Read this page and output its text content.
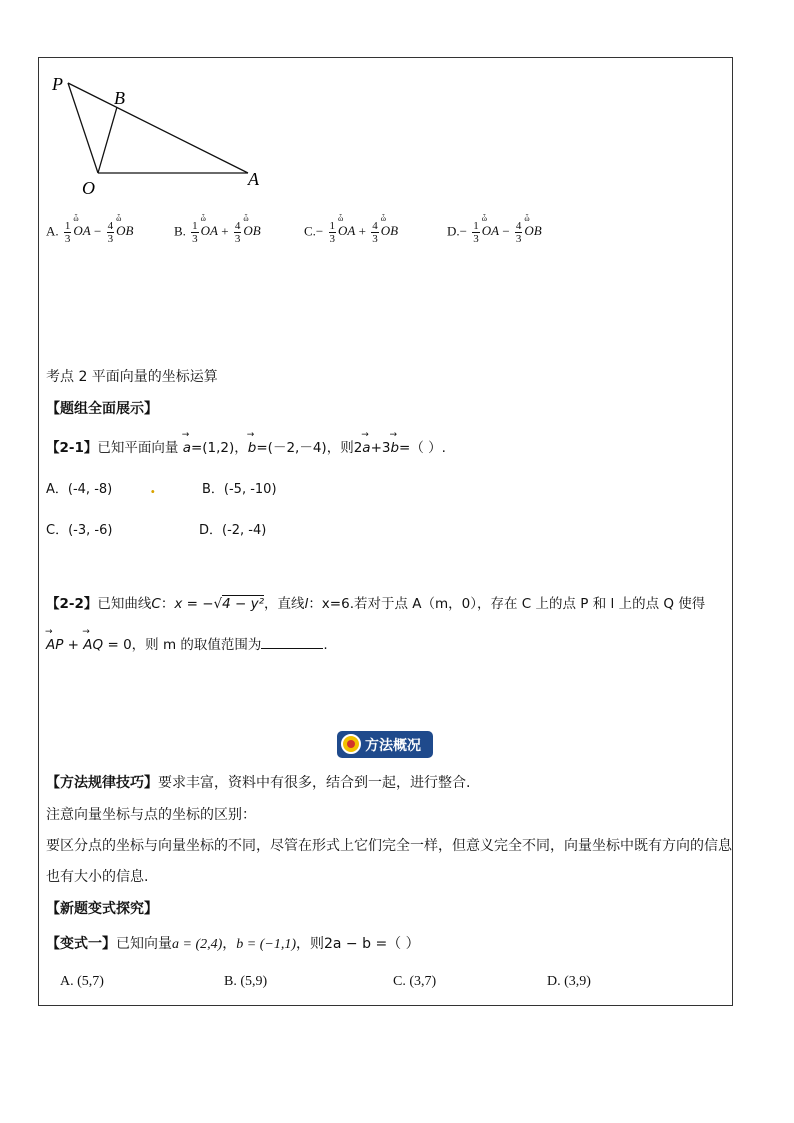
P
B
O	A
A. $\frac{1}{3}$ ὦ OA − $\frac{4}{3}$ ὦ OB	B. $\frac{1}{3}$ ὦ OA + $\frac{4}{3}$ ὦ OB	$C.- \frac{1}{3}$ ὦ OA + $\frac{4}{3}$ ὦ OB	$D.- \frac{1}{3}$ ὦ OA − $\frac{4}{3}$ ὦ OB
考点 2 平面向量的坐标运算
【题组全面展示】
【2-1】已知平面向量 → a=(1,2)，→ b=(－2,－4)，则2→ a+3→ b=（ ）.
A．(-4, -8) .	B．(-5, -10)
C．(-3, -6)	D．(-2, -4)
【2-2】已知曲线C：x = −√4 − y²，直线l：x=6.若对于点 A（m，0），存在 C 上的点 P 和 l 上的点 Q 使得
→ AP + → AQ = 0，则 m 的取值范围为	.
方法概况
【方法规律技巧】要求丰富，资料中有很多，结合到一起，进行整合.
注意向量坐标与点的坐标的区别：
要区分点的坐标与向量坐标的不同，尽管在形式上它们完全一样，但意义完全不同，向量坐标中既有方向的信息
也有大小的信息.
【新题变式探究】
【变式一】已知向量a = (2,4)，b = (−1,1)，则2a − b =（ ）
A. (5,7)	B. (5,9)	C. (3,7)	D. (3,9)
